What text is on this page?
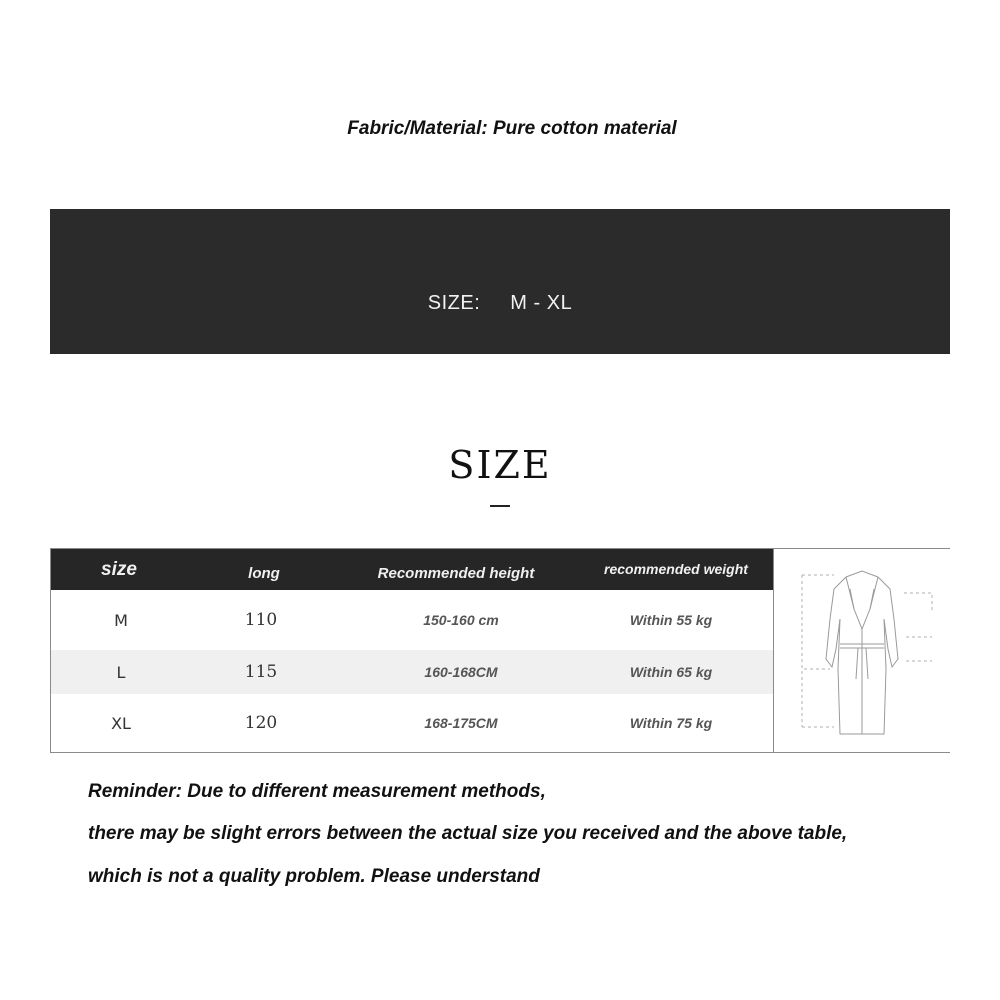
Fabric/Material: Pure cotton material
SIZE: M - XL
SIZE
size	long	Recommended height	recommended weight
M	110	150-160 cm	Within 55 kg
L	115	160-168CM	Within 65 kg
XL	120	168-175CM	Within 75 kg
Reminder: Due to different measurement methods,
there may be slight errors between the actual size you received and the above table,
which is not a quality problem. Please understand
